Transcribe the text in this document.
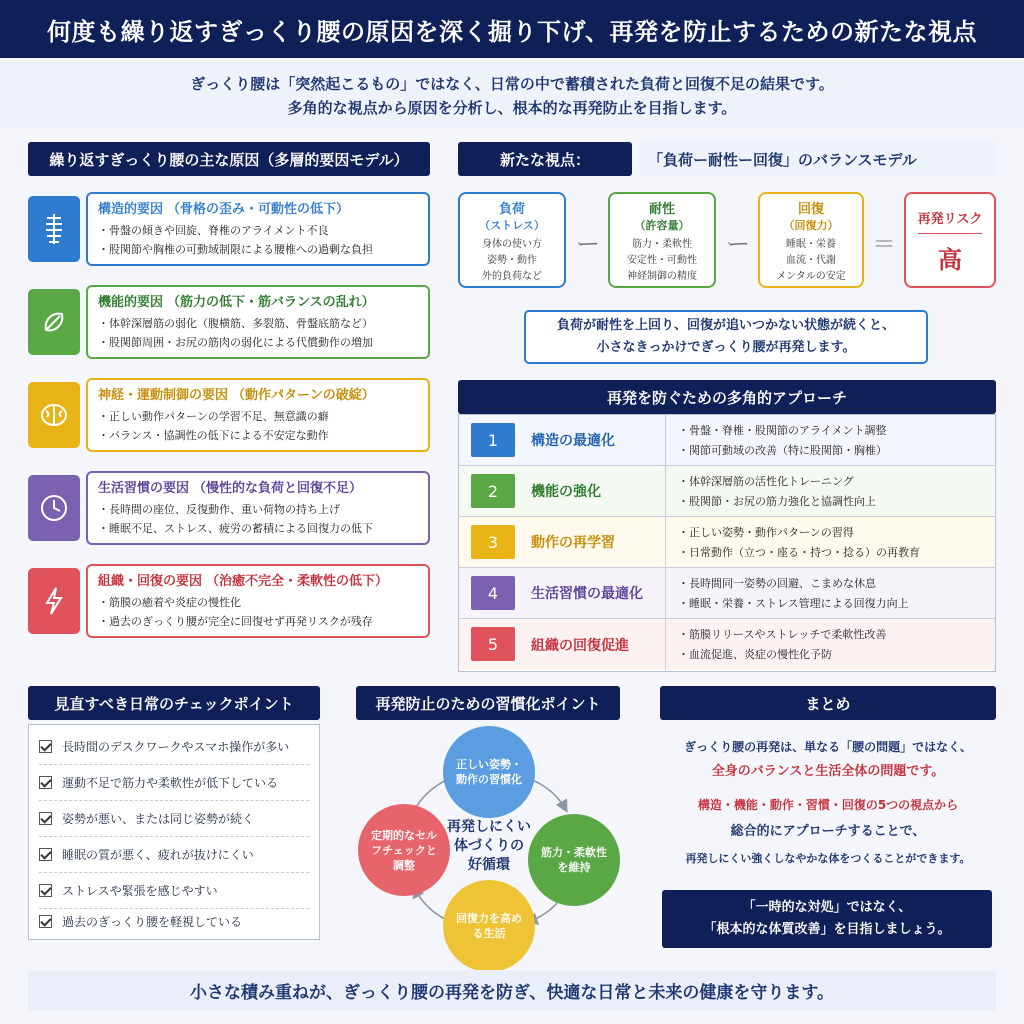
何度も繰り返すぎっくり腰の原因を深く掘り下げ、再発を防止するための新たな視点
ぎっくり腰は「突然起こるもの」ではなく、日常の中で蓄積された負荷と回復不足の結果です。
多角的な視点から原因を分析し、根本的な再発防止を目指します。
繰り返すぎっくり腰の主な原因（多層的要因モデル）
構造的要因 （骨格の歪み・可動性の低下）
・骨盤の傾きや回旋、脊椎のアライメント不良
・股関節や胸椎の可動域制限による腰椎への過剰な負担
機能的要因 （筋力の低下・筋バランスの乱れ）
・体幹深層筋の弱化（腹横筋、多裂筋、骨盤底筋など）
・股関節周囲・お尻の筋肉の弱化による代償動作の増加
神経・運動制御の要因 （動作パターンの破綻）
・正しい動作パターンの学習不足、無意識の癖
・バランス・協調性の低下による不安定な動作
生活習慣の要因 （慢性的な負荷と回復不足）
・長時間の座位、反復動作、重い荷物の持ち上げ
・睡眠不足、ストレス、疲労の蓄積による回復力の低下
組織・回復の要因 （治癒不完全・柔軟性の低下）
・筋膜の癒着や炎症の慢性化
・過去のぎっくり腰が完全に回復せず再発リスクが残存
新たな視点：	「負荷ー耐性ー回復」のバランスモデル
負荷
（ストレス）
身体の使い方
姿勢・動作
外的負荷など
ー
耐性
（許容量）
筋力・柔軟性
安定性・可動性
神経制御の精度
ー
回復
（回復力）
睡眠・栄養
血流・代謝
メンタルの安定
＝
再発リスク
高
負荷が耐性を上回り、回復が追いつかない状態が続くと、
小さなきっかけでぎっくり腰が再発します。
再発を防ぐための多角的アプローチ
1	構造の最適化
・骨盤・脊椎・股関節のアライメント調整
・関節可動域の改善（特に股関節・胸椎）
2	機能の強化
・体幹深層筋の活性化トレーニング
・股関節・お尻の筋力強化と協調性向上
3	動作の再学習
・正しい姿勢・動作パターンの習得
・日常動作（立つ・座る・持つ・捻る）の再教育
4	生活習慣の最適化
・長時間同一姿勢の回避、こまめな休息
・睡眠・栄養・ストレス管理による回復力向上
5	組織の回復促進
・筋膜リリースやストレッチで柔軟性改善
・血流促進、炎症の慢性化予防
見直すべき日常のチェックポイント
長時間のデスクワークやスマホ操作が多い
運動不足で筋力や柔軟性が低下している
姿勢が悪い、または同じ姿勢が続く
睡眠の質が悪く、疲れが抜けにくい
ストレスや緊張を感じやすい
過去のぎっくり腰を軽視している
再発防止のための習慣化ポイント
正しい姿勢・動作の習慣化
筋力・柔軟性を維持
回復力を高める生活
定期的なセルフチェックと調整
再発しにくい
体づくりの
好循環
まとめ
ぎっくり腰の再発は、単なる「腰の問題」ではなく、
全身のバランスと生活全体の問題です。
構造・機能・動作・習慣・回復の5つの視点から
総合的にアプローチすることで、
再発しにくい強くしなやかな体をつくることができます。
「一時的な対処」ではなく、
「根本的な体質改善」を目指しましょう。
小さな積み重ねが、ぎっくり腰の再発を防ぎ、快適な日常と未来の健康を守ります。
